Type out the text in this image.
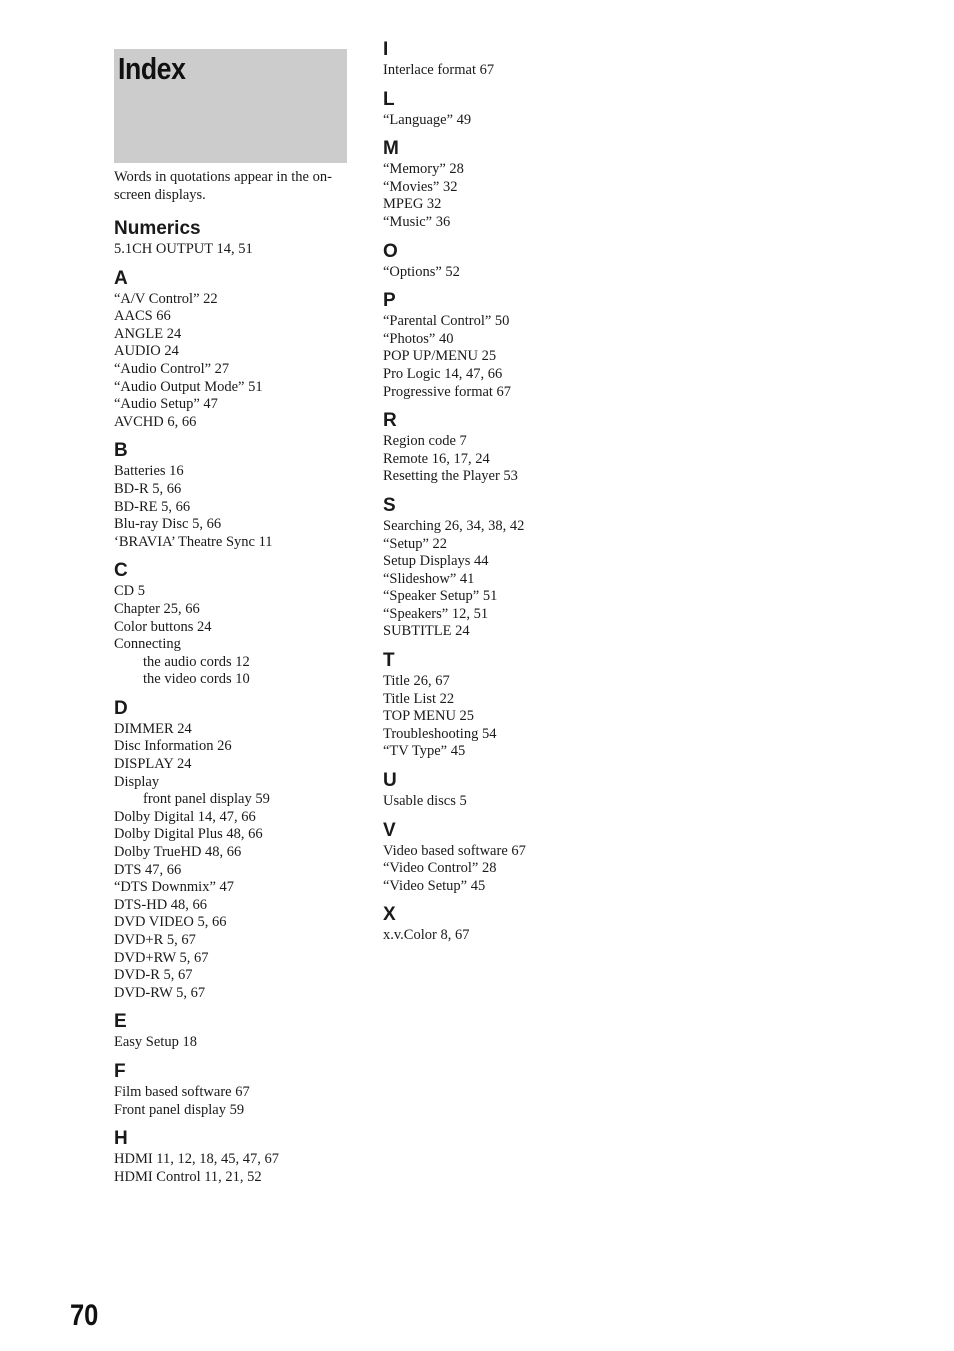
Index
Words in quotations appear in the on-screen displays.
Numerics
5.1CH OUTPUT 14, 51
A
“A/V Control” 22
AACS 66
ANGLE 24
AUDIO 24
“Audio Control” 27
“Audio Output Mode” 51
“Audio Setup” 47
AVCHD 6, 66
B
Batteries 16
BD-R 5, 66
BD-RE 5, 66
Blu-ray Disc 5, 66
‘BRAVIA’ Theatre Sync 11
C
CD 5
Chapter 25, 66
Color buttons 24
Connecting
the audio cords 12
the video cords 10
D
DIMMER 24
Disc Information 26
DISPLAY 24
Display
front panel display 59
Dolby Digital 14, 47, 66
Dolby Digital Plus 48, 66
Dolby TrueHD 48, 66
DTS 47, 66
“DTS Downmix” 47
DTS-HD 48, 66
DVD VIDEO 5, 66
DVD+R 5, 67
DVD+RW 5, 67
DVD-R 5, 67
DVD-RW 5, 67
E
Easy Setup 18
F
Film based software 67
Front panel display 59
H
HDMI 11, 12, 18, 45, 47, 67
HDMI Control 11, 21, 52
I
Interlace format 67
L
“Language” 49
M
“Memory” 28
“Movies” 32
MPEG 32
“Music” 36
O
“Options” 52
P
“Parental Control” 50
“Photos” 40
POP UP/MENU 25
Pro Logic 14, 47, 66
Progressive format 67
R
Region code 7
Remote 16, 17, 24
Resetting the Player 53
S
Searching 26, 34, 38, 42
“Setup” 22
Setup Displays 44
“Slideshow” 41
“Speaker Setup” 51
“Speakers” 12, 51
SUBTITLE 24
T
Title 26, 67
Title List 22
TOP MENU 25
Troubleshooting 54
“TV Type” 45
U
Usable discs 5
V
Video based software 67
“Video Control” 28
“Video Setup” 45
X
x.v.Color 8, 67
70
